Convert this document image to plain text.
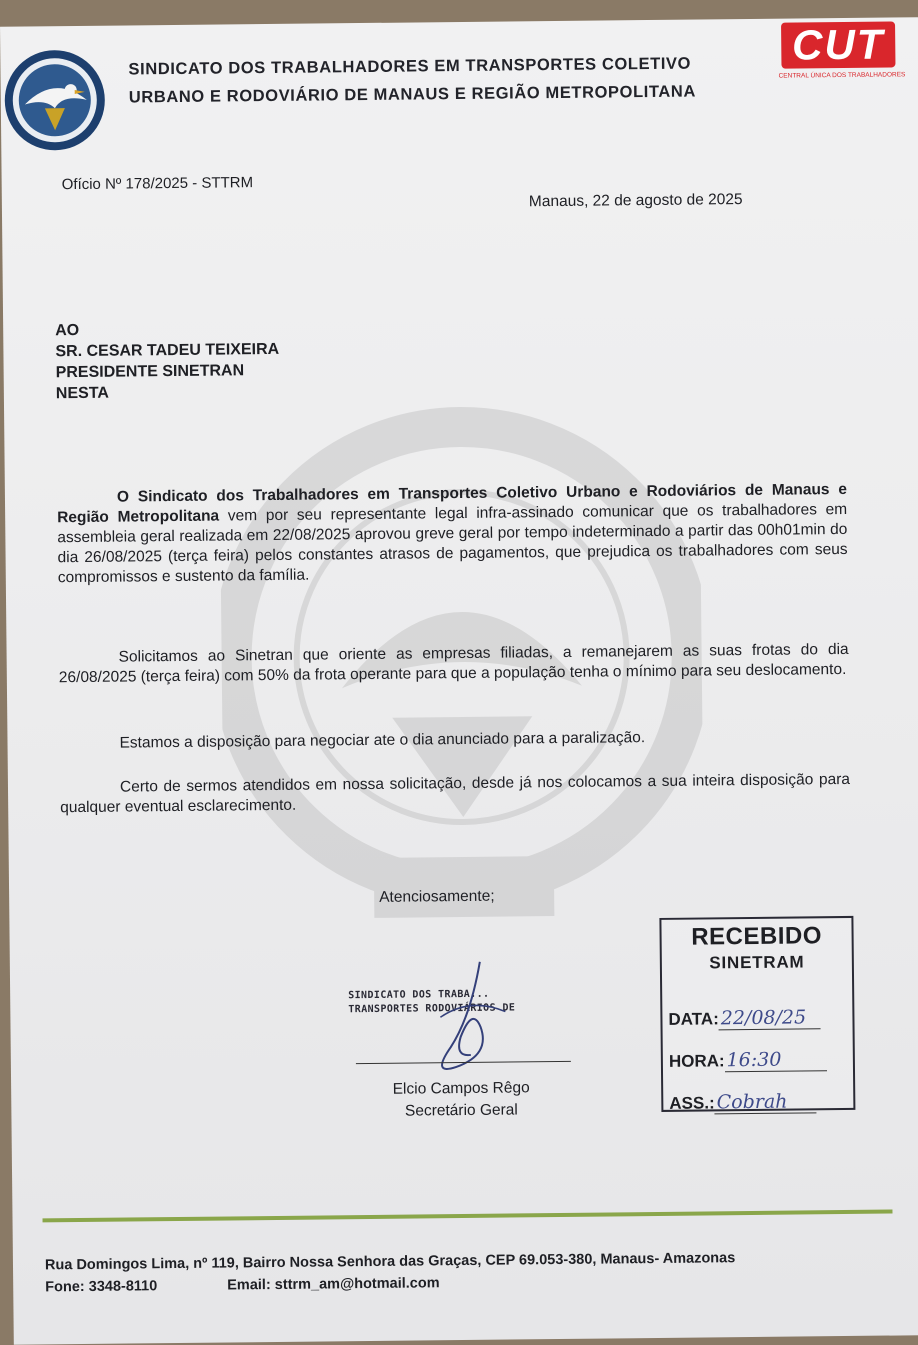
SINDICATO DOS TRABALHADORES EM TRANSPORTES COLETIVO
URBANO E RODOVIÁRIO DE MANAUS E REGIÃO METROPOLITANA
CUT
CENTRAL ÚNICA DOS TRABALHADORES
Ofício Nº 178/2025 - STTRM
Manaus, 22 de agosto de 2025
AO
SR. CESAR TADEU TEIXEIRA
PRESIDENTE SINETRAN
NESTA
O Sindicato dos Trabalhadores em Transportes Coletivo Urbano e Rodoviários de Manaus e Região Metropolitana vem por seu representante legal infra-assinado comunicar que os trabalhadores em assembleia geral realizada em 22/08/2025 aprovou greve geral por tempo indeterminado a partir das 00h01min do dia 26/08/2025 (terça feira) pelos constantes atrasos de pagamentos, que prejudica os trabalhadores com seus compromissos e sustento da família.
Solicitamos ao Sinetran que oriente as empresas filiadas, a remanejarem as suas frotas do dia 26/08/2025 (terça feira) com 50% da frota operante para que a população tenha o mínimo para seu deslocamento.
Estamos a disposição para negociar ate o dia anunciado para a paralização.
Certo de sermos atendidos em nossa solicitação, desde já nos colocamos a sua inteira disposição para qualquer eventual esclarecimento.
Atenciosamente;
SINDICATO DOS TRABA...
TRANSPORTES RODOVIÁRIOS DE
Elcio Campos Rêgo
Secretário Geral
RECEBIDO
SINETRAM
DATA:22/08/25
HORA:16:30
ASS.:Cobrah
Rua Domingos Lima, nº 119, Bairro Nossa Senhora das Graças, CEP 69.053-380, Manaus- Amazonas
Fone: 3348-8110	Email: sttrm_am@hotmail.com
